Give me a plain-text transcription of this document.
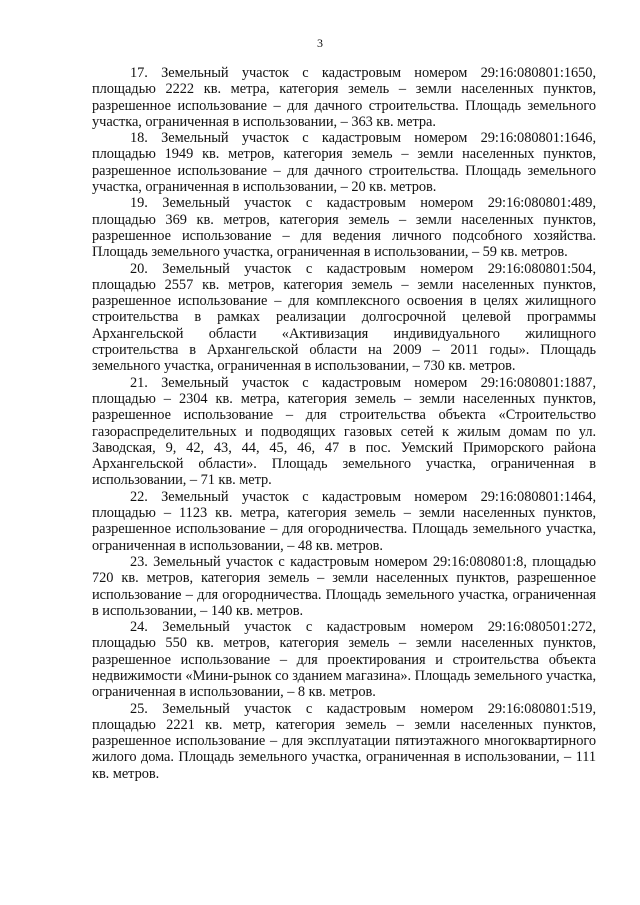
3

17. Земельный участок с кадастровым номером 29:16:080801:1650, площадью 2222 кв. метра, категория земель – земли населенных пунктов, разрешенное использование – для дачного строительства. Площадь земельного участка, ограниченная в использовании, – 363 кв. метра.

18. Земельный участок с кадастровым номером 29:16:080801:1646, площадью 1949 кв. метров, категория земель – земли населенных пунктов, разрешенное использование – для дачного строительства. Площадь земельного участка, ограниченная в использовании, – 20 кв. метров.

19. Земельный участок с кадастровым номером 29:16:080801:489, площадью 369 кв. метров, категория земель – земли населенных пунктов, разрешенное использование – для ведения личного подсобного хозяйства. Площадь земельного участка, ограниченная в использовании, – 59 кв. метров.

20. Земельный участок с кадастровым номером 29:16:080801:504, площадью 2557 кв. метров, категория земель – земли населенных пунктов, разрешенное использование – для комплексного освоения в целях жилищного строительства в рамках реализации долгосрочной целевой программы Архангельской области «Активизация индивидуального жилищного строительства в Архангельской области на 2009 – 2011 годы». Площадь земельного участка, ограниченная в использовании, – 730 кв. метров.

21. Земельный участок с кадастровым номером 29:16:080801:1887, площадью – 2304 кв. метра, категория земель – земли населенных пунктов, разрешенное использование – для строительства объекта «Строительство газораспределительных и подводящих газовых сетей к жилым домам по ул. Заводская, 9, 42, 43, 44, 45, 46, 47 в пос. Уемский Приморского района Архангельской области». Площадь земельного участка, ограниченная в использовании, – 71 кв. метр.

22. Земельный участок с кадастровым номером 29:16:080801:1464, площадью – 1123 кв. метра, категория земель – земли населенных пунктов, разрешенное использование – для огородничества. Площадь земельного участка, ограниченная в использовании, – 48 кв. метров.

23. Земельный участок с кадастровым номером 29:16:080801:8, площадью 720 кв. метров, категория земель – земли населенных пунктов, разрешенное использование – для огородничества. Площадь земельного участка, ограниченная в использовании, – 140 кв. метров.

24. Земельный участок с кадастровым номером 29:16:080501:272, площадью 550 кв. метров, категория земель – земли населенных пунктов, разрешенное использование – для проектирования и строительства объекта недвижимости «Мини-рынок со зданием магазина». Площадь земельного участка, ограниченная в использовании, – 8 кв. метров.

25. Земельный участок с кадастровым номером 29:16:080801:519, площадью 2221 кв. метр, категория земель – земли населенных пунктов, разрешенное использование – для эксплуатации пятиэтажного многоквартирного жилого дома. Площадь земельного участка, ограниченная в использовании, – 111 кв. метров.
